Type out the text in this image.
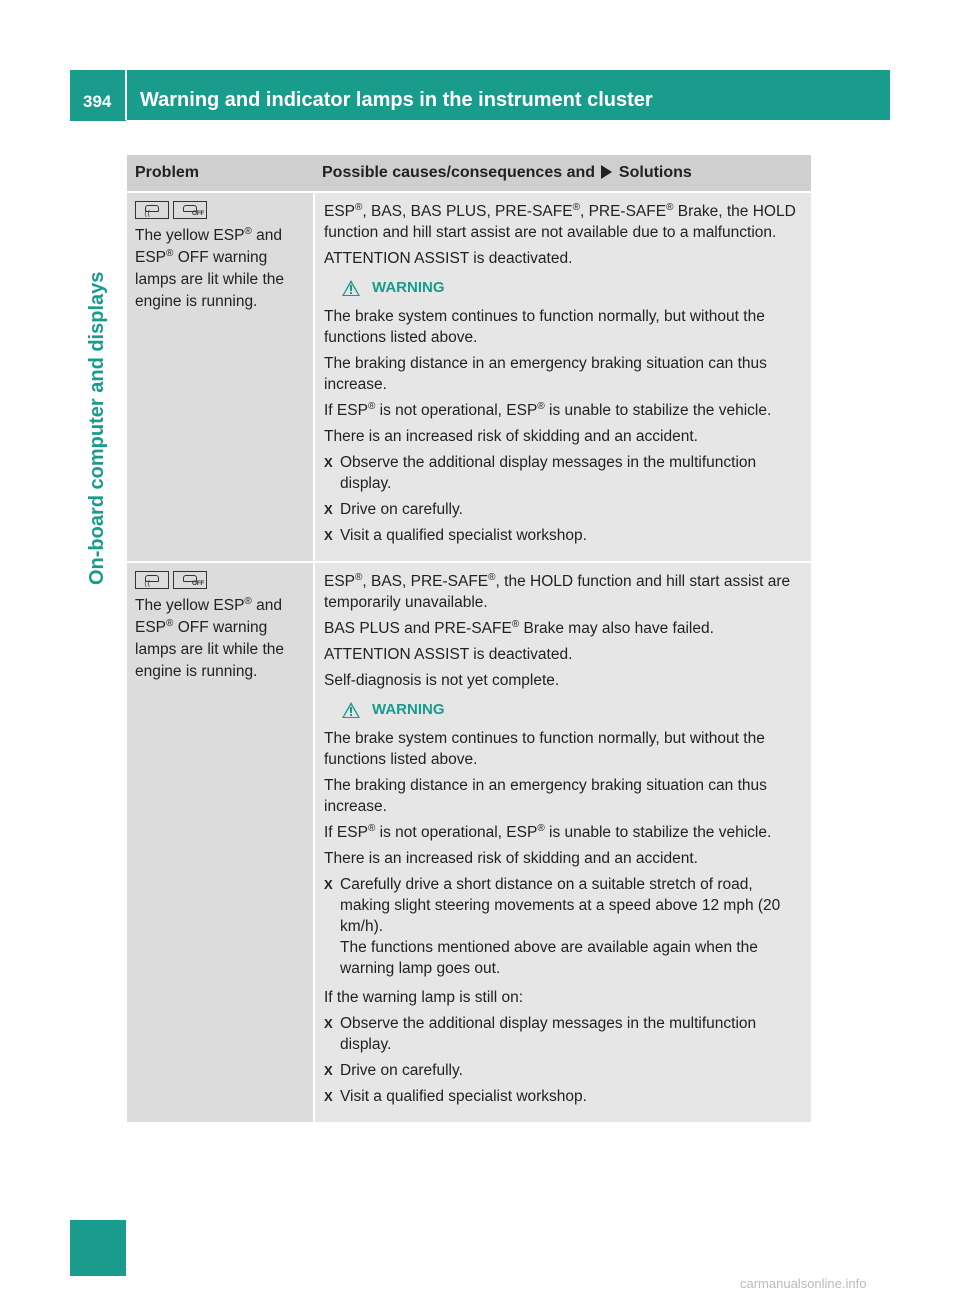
394 Warning and indicator lamps in the instrument cluster
On-board computer and displays
Problem	Possible causes/consequences and Solutions
⟨⟨
OFF
The yellow ESP® and ESP® OFF warning lamps are lit while the engine is running.

ESP®, BAS, BAS PLUS, PRE-SAFE®, PRE-SAFE® Brake, the HOLD function and hill start assist are not available due to a malfunction.

ATTENTION ASSIST is deactivated.

WARNING

The brake system continues to function normally, but without the functions listed above.

The braking distance in an emergency braking situation can thus increase.

If ESP® is not operational, ESP® is unable to stabilize the vehicle.

There is an increased risk of skidding and an accident.

X Observe the additional display messages in the multifunction display.
X Drive on carefully.
X Visit a qualified specialist workshop.
⟨⟨
OFF
The yellow ESP® and ESP® OFF warning lamps are lit while the engine is running.

ESP®, BAS, PRE-SAFE®, the HOLD function and hill start assist are temporarily unavailable.

BAS PLUS and PRE-SAFE® Brake may also have failed.

ATTENTION ASSIST is deactivated.

Self-diagnosis is not yet complete.

WARNING

The brake system continues to function normally, but without the functions listed above.

The braking distance in an emergency braking situation can thus increase.

If ESP® is not operational, ESP® is unable to stabilize the vehicle.

There is an increased risk of skidding and an accident.

X Carefully drive a short distance on a suitable stretch of road, making slight steering movements at a speed above 12 mph (20 km/h).
The functions mentioned above are available again when the warning lamp goes out.

If the warning lamp is still on:

X Observe the additional display messages in the multifunction display.
X Drive on carefully.
X Visit a qualified specialist workshop.
carmanualsonline.info
